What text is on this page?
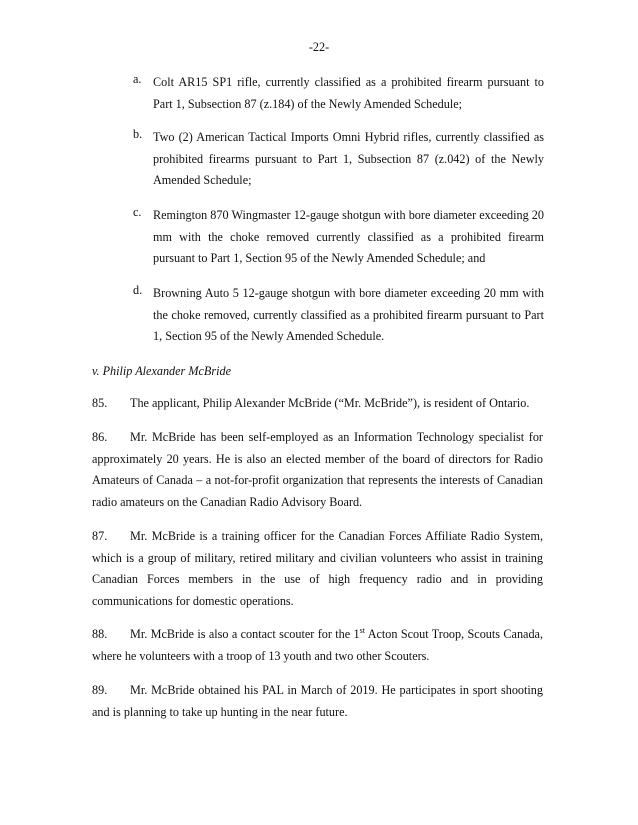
-22-
a. Colt AR15 SP1 rifle, currently classified as a prohibited firearm pursuant to Part 1, Subsection 87 (z.184) of the Newly Amended Schedule;
b. Two (2) American Tactical Imports Omni Hybrid rifles, currently classified as prohibited firearms pursuant to Part 1, Subsection 87 (z.042) of the Newly Amended Schedule;
c. Remington 870 Wingmaster 12-gauge shotgun with bore diameter exceeding 20 mm with the choke removed currently classified as a prohibited firearm pursuant to Part 1, Section 95 of the Newly Amended Schedule; and
d. Browning Auto 5 12-gauge shotgun with bore diameter exceeding 20 mm with the choke removed, currently classified as a prohibited firearm pursuant to Part 1, Section 95 of the Newly Amended Schedule.
v. Philip Alexander McBride
85. The applicant, Philip Alexander McBride (“Mr. McBride”), is resident of Ontario.
86. Mr. McBride has been self-employed as an Information Technology specialist for approximately 20 years. He is also an elected member of the board of directors for Radio Amateurs of Canada – a not-for-profit organization that represents the interests of Canadian radio amateurs on the Canadian Radio Advisory Board.
87. Mr. McBride is a training officer for the Canadian Forces Affiliate Radio System, which is a group of military, retired military and civilian volunteers who assist in training Canadian Forces members in the use of high frequency radio and in providing communications for domestic operations.
88. Mr. McBride is also a contact scouter for the 1st Acton Scout Troop, Scouts Canada, where he volunteers with a troop of 13 youth and two other Scouters.
89. Mr. McBride obtained his PAL in March of 2019. He participates in sport shooting and is planning to take up hunting in the near future.
